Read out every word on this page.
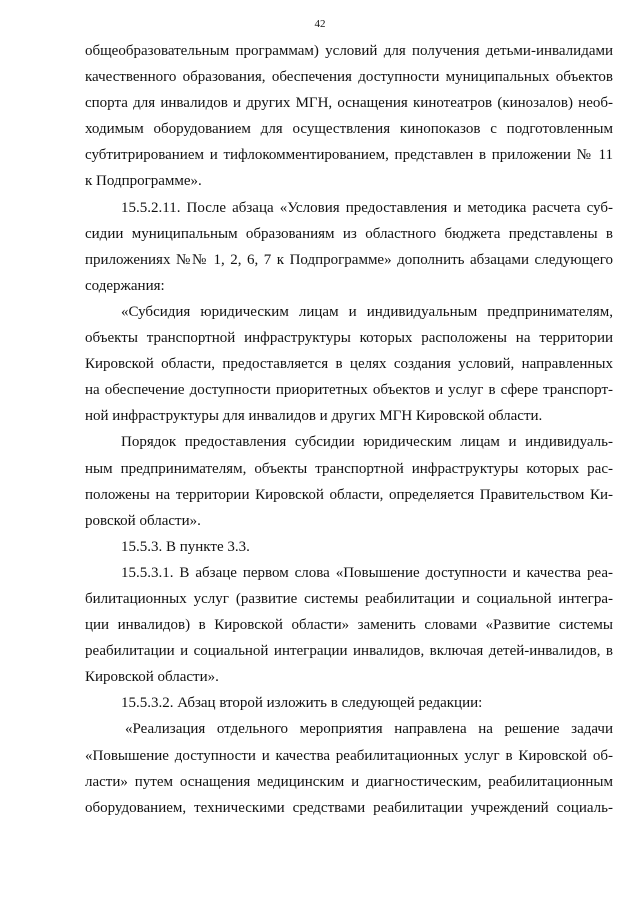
42
общеобразовательным программам) условий для получения детьми-инвалидами
качественного образования, обеспечения доступности муниципальных объектов
спорта для инвалидов и других МГН, оснащения кинотеатров (кинозалов) необ-
ходимым оборудованием для осуществления кинопоказов с подготовленным
субтитрированием и тифлокомментированием, представлен в приложении № 11
к Подпрограмме».
15.5.2.11. После абзаца «Условия предоставления и методика расчета суб-
сидии муниципальным образованиям из областного бюджета представлены в
приложениях №№ 1, 2, 6, 7 к Подпрограмме» дополнить абзацами следующего
содержания:
«Субсидия юридическим лицам и индивидуальным предпринимателям,
объекты транспортной инфраструктуры которых расположены на территории
Кировской области, предоставляется в целях создания условий, направленных
на обеспечение доступности приоритетных объектов и услуг в сфере транспорт-
ной инфраструктуры для инвалидов и других МГН Кировской области.
Порядок предоставления субсидии юридическим лицам и индивидуаль-
ным предпринимателям, объекты транспортной инфраструктуры которых рас-
положены на территории Кировской области, определяется Правительством Ки-
ровской области».
15.5.3. В пункте 3.3.
15.5.3.1. В абзаце первом слова «Повышение доступности и качества реа-
билитационных услуг (развитие системы реабилитации и социальной интегра-
ции инвалидов) в Кировской области» заменить словами «Развитие системы
реабилитации и социальной интеграции инвалидов, включая детей-инвалидов, в
Кировской области».
15.5.3.2. Абзац второй изложить в следующей редакции:
«Реализация отдельного мероприятия направлена на решение задачи
«Повышение доступности и качества реабилитационных услуг в Кировской об-
ласти» путем оснащения медицинским и диагностическим, реабилитационным
оборудованием, техническими средствами реабилитации учреждений социаль-
